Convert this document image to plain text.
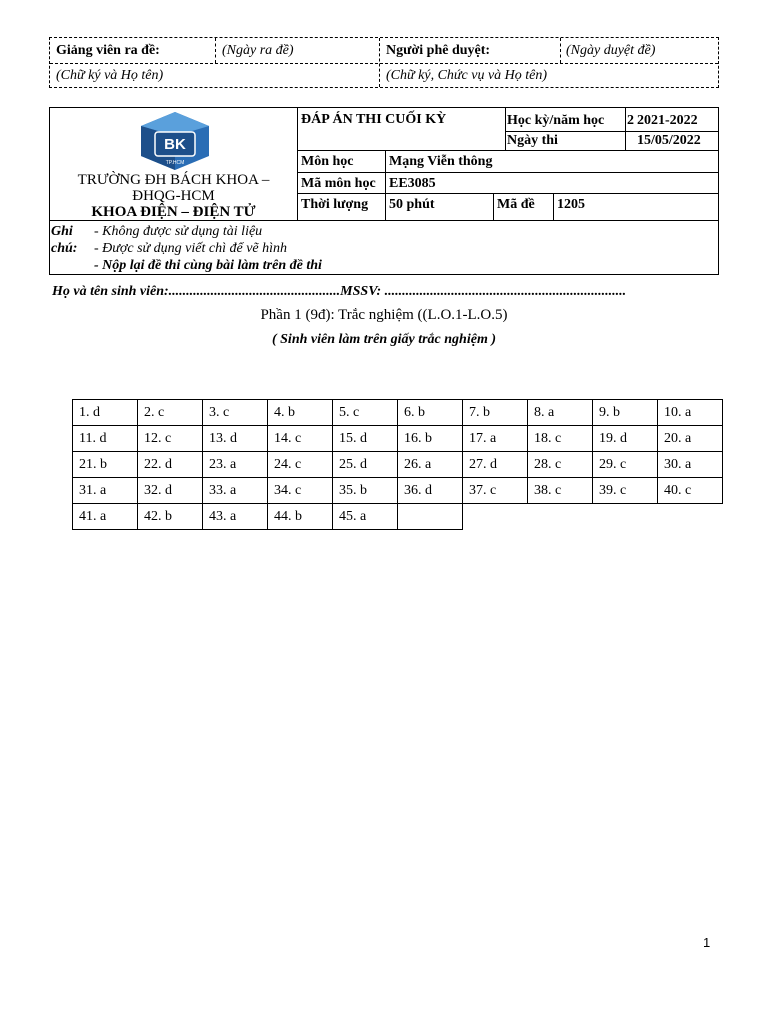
Giảng viên ra đề:	(Ngày ra đề)	Người phê duyệt:	(Ngày duyệt đề)
(Chữ ký và Họ tên)	(Chữ ký, Chức vụ và Họ tên)
BK
TP.HCM
TRƯỜNG ĐH BÁCH KHOA –
ĐHQG-HCM
KHOA ĐIỆN – ĐIỆN TỬ
ĐÁP ÁN THI CUỐI KỲ	Học kỳ/năm học 2 2021-2022
Ngày thi	15/05/2022
Môn học	Mạng Viễn thông
Mã môn học EE3085
Thời lượng 50 phút	Mã đề 1205
Ghi
chú:
- Không được sử dụng tài liệu
- Được sử dụng viết chì để vẽ hình
- Nộp lại đề thi cùng bài làm trên đề thi
Họ và tên sinh viên:.................................................MSSV: .....................................................................
Phần 1 (9đ): Trắc nghiệm ((L.O.1-L.O.5)
( Sinh viên làm trên giấy trắc nghiệm )
1. d	2. c	3. c	4. b	5. c	6. b	7. b	8. a	9. b	10. a
11. d	12. c	13. d	14. c	15. d	16. b	17. a	18. c	19. d	20. a
21. b	22. d	23. a	24. c	25. d	26. a	27. d	28. c	29. c	30. a
31. a	32. d	33. a	34. c	35. b	36. d	37. c	38. c	39. c	40. c
41. a	42. b	43. a	44. b	45. a					
1
